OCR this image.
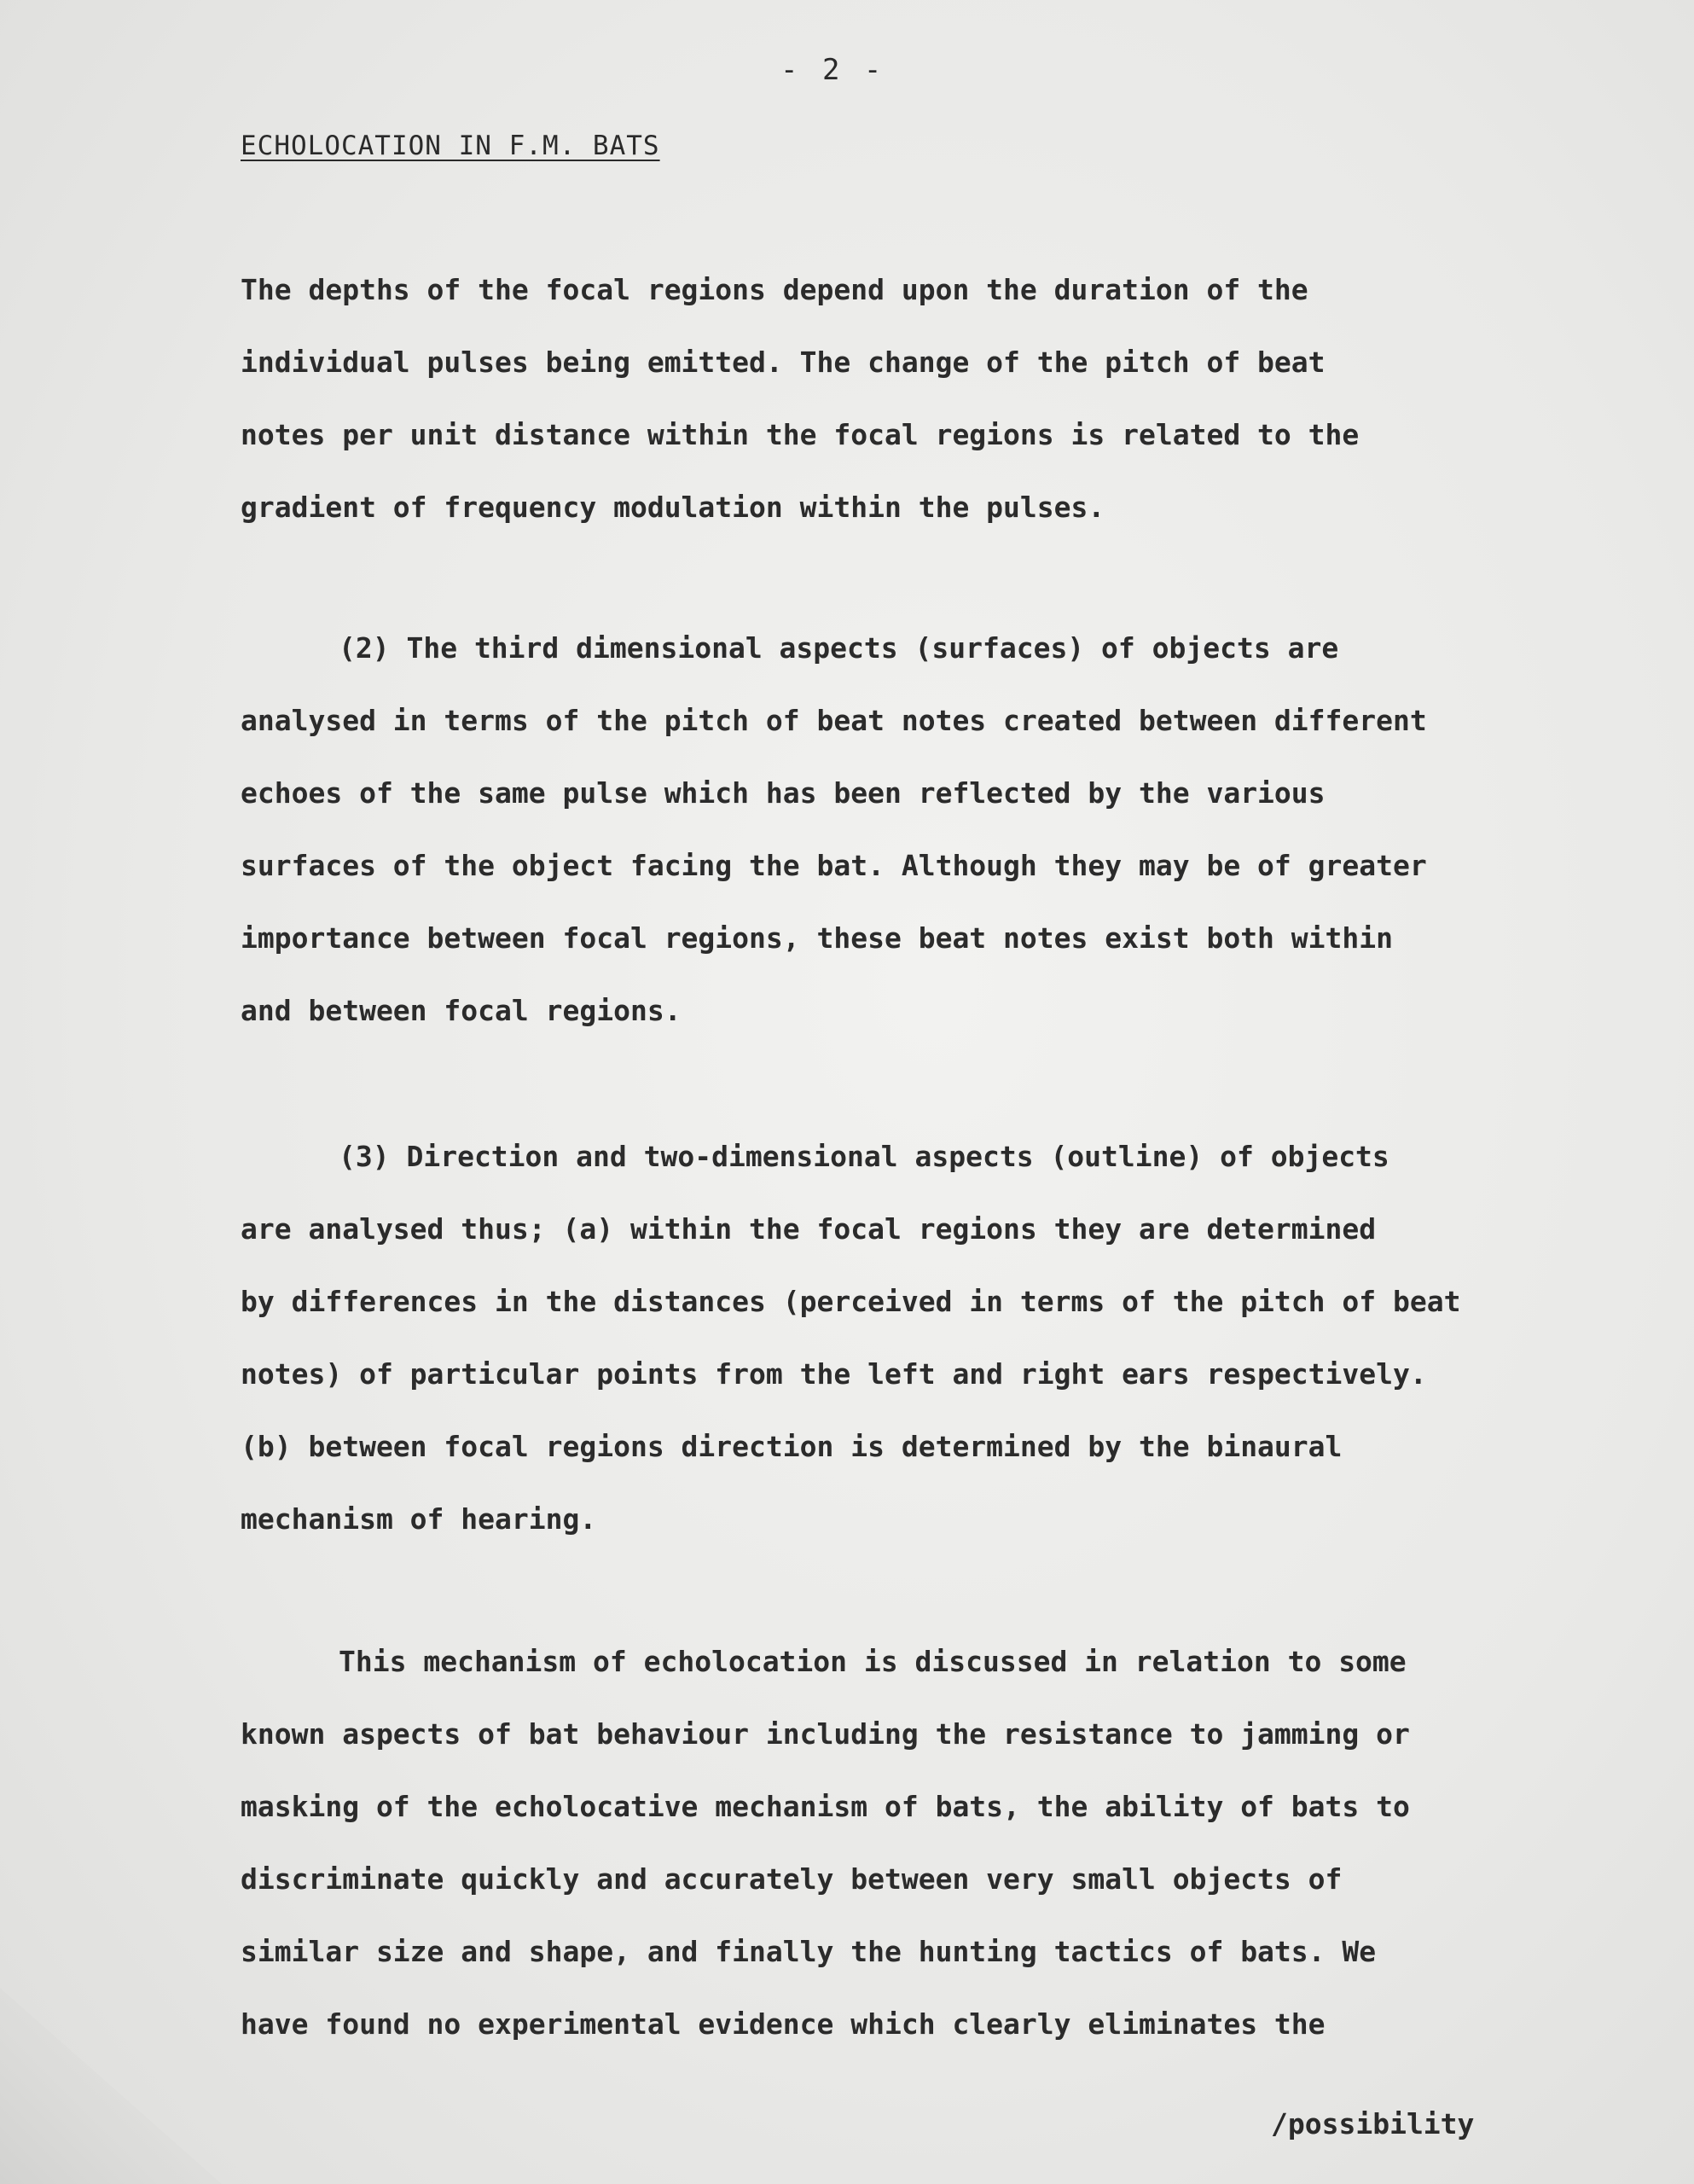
- 2 -
ECHOLOCATION IN F.M. BATS
The depths of the focal regions depend upon the duration of the
individual pulses being emitted. The change of the pitch of beat
notes per unit distance within the focal regions is related to the
gradient of frequency modulation within the pulses.
(2) The third dimensional aspects (surfaces) of objects are
analysed in terms of the pitch of beat notes created between different
echoes of the same pulse which has been reflected by the various
surfaces of the object facing the bat. Although they may be of greater
importance between focal regions, these beat notes exist both within
and between focal regions.
(3) Direction and two-dimensional aspects (outline) of objects
are analysed thus; (a) within the focal regions they are determined
by differences in the distances (perceived in terms of the pitch of beat
notes) of particular points from the left and right ears respectively.
(b) between focal regions direction is determined by the binaural
mechanism of hearing.
This mechanism of echolocation is discussed in relation to some
known aspects of bat behaviour including the resistance to jamming or
masking of the echolocative mechanism of bats, the ability of bats to
discriminate quickly and accurately between very small objects of
similar size and shape, and finally the hunting tactics of bats. We
have found no experimental evidence which clearly eliminates the
/possibility
